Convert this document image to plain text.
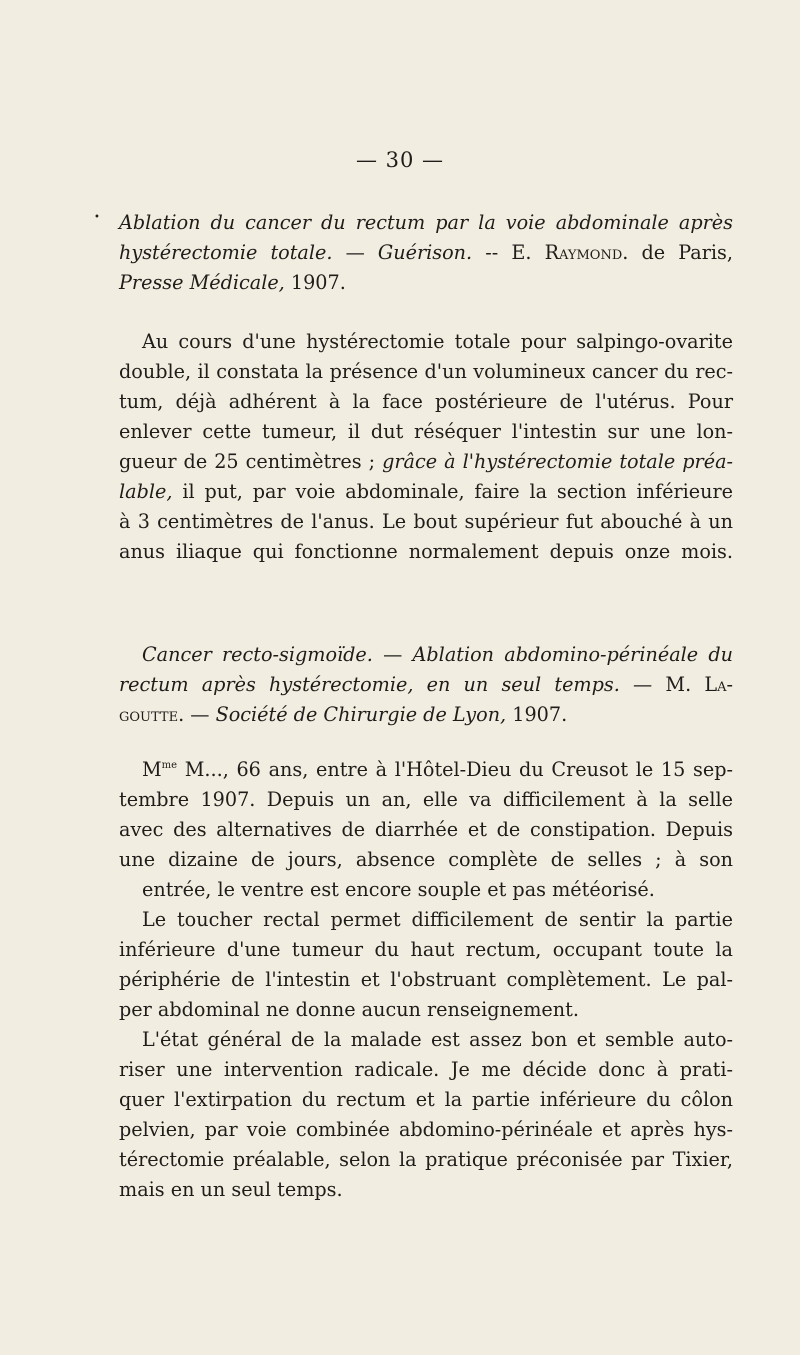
— 30 —
• Ablation du cancer du rectum par la voie abdominale après
hystérectomie totale. — Guérison. -- E. Raymond. de Paris,
Presse Médicale, 1907.
Au cours d'une hystérectomie totale pour salpingo-ovarite
double, il constata la présence d'un volumineux cancer du rec-
tum, déjà adhérent à la face postérieure de l'utérus. Pour
enlever cette tumeur, il dut réséquer l'intestin sur une lon-
gueur de 25 centimètres ; grâce à l'hystérectomie totale préa-
lable, il put, par voie abdominale, faire la section inférieure
à 3 centimètres de l'anus. Le bout supérieur fut abouché à un
anus iliaque qui fonctionne normalement depuis onze mois.
Cancer recto-sigmoïde. — Ablation abdomino-périnéale du
rectum après hystérectomie, en un seul temps. — M. La-
goutte. — Société de Chirurgie de Lyon, 1907.
$M^{me}$ M..., 66 ans, entre à l'Hôtel-Dieu du Creusot le 15 sep-
tembre 1907. Depuis un an, elle va difficilement à la selle
avec des alternatives de diarrhée et de constipation. Depuis
une dizaine de jours, absence complète de selles ; à son
entrée, le ventre est encore souple et pas météorisé.
Le toucher rectal permet difficilement de sentir la partie
inférieure d'une tumeur du haut rectum, occupant toute la
périphérie de l'intestin et l'obstruant complètement. Le pal-
per abdominal ne donne aucun renseignement.
L'état général de la malade est assez bon et semble auto-
riser une intervention radicale. Je me décide donc à prati-
quer l'extirpation du rectum et la partie inférieure du côlon
pelvien, par voie combinée abdomino-périnéale et après hys-
térectomie préalable, selon la pratique préconisée par Tixier,
mais en un seul temps.
